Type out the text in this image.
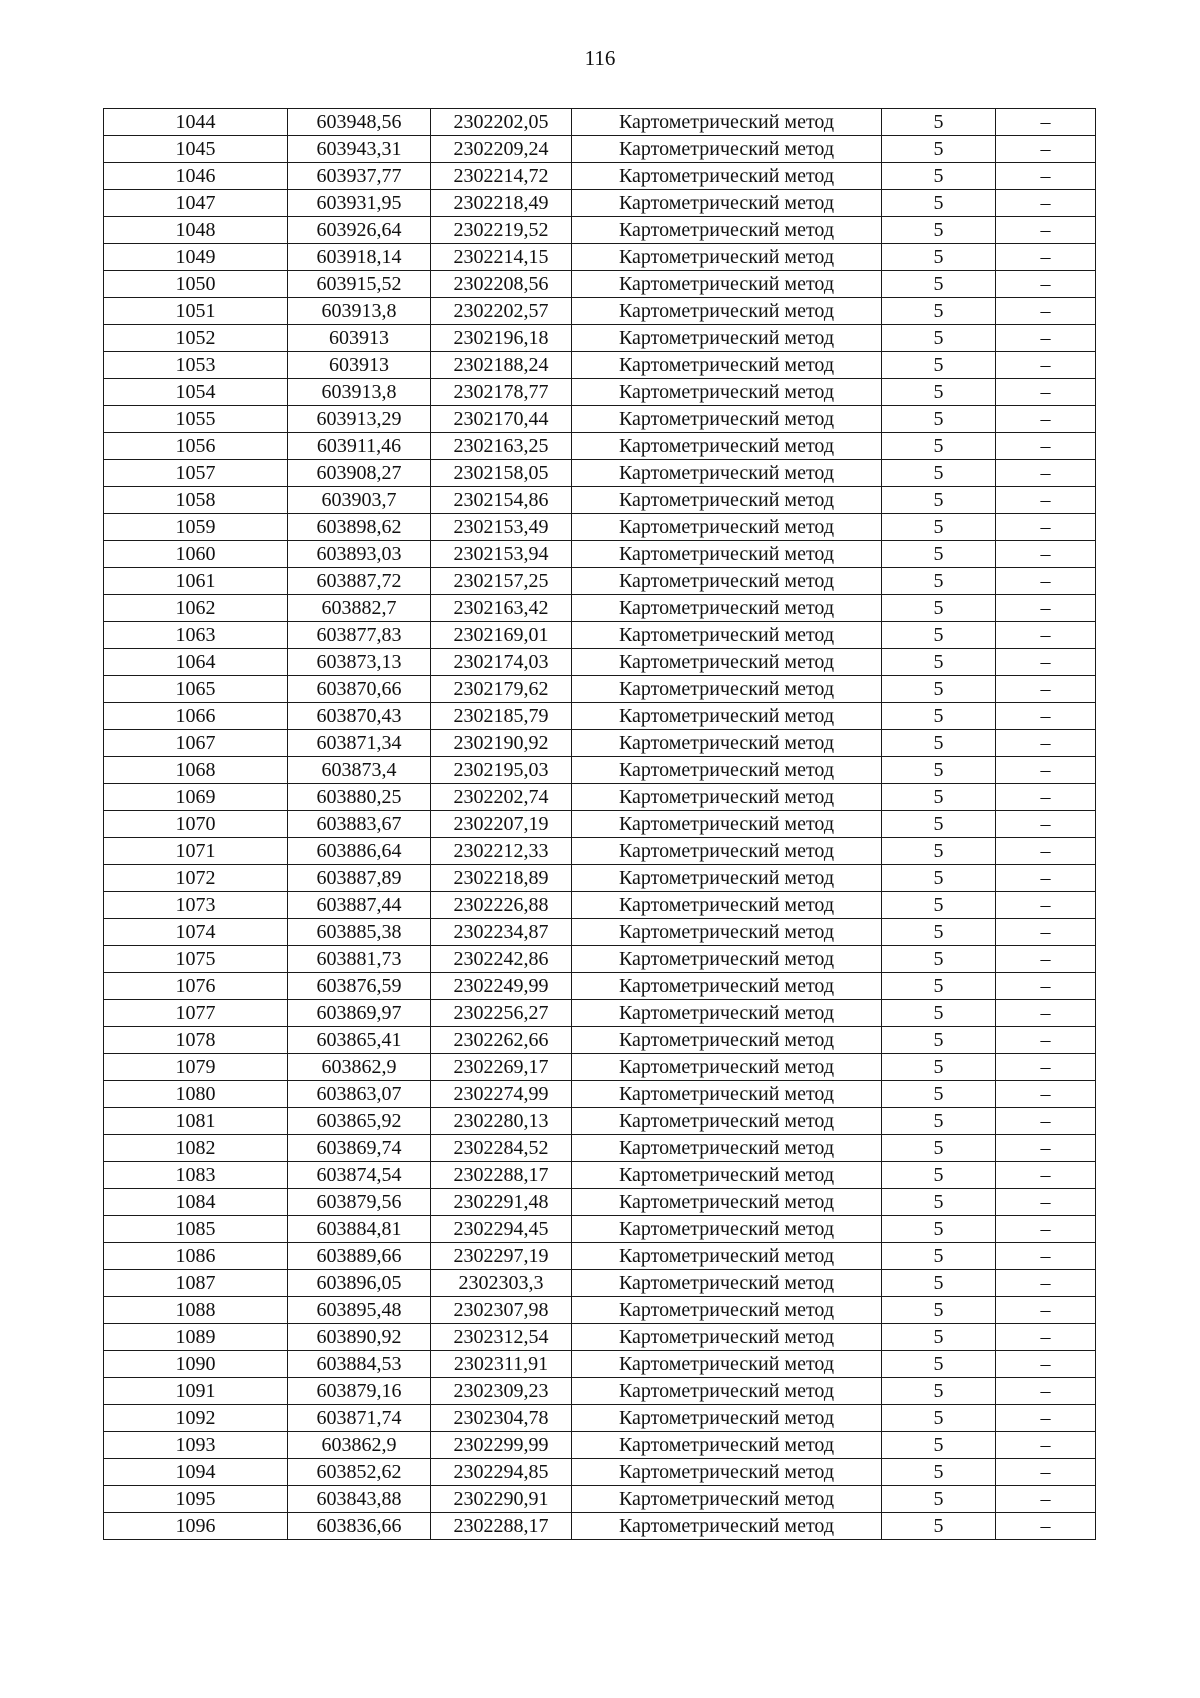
116
1044	603948,56	2302202,05	Картометрический метод	5	–
1045	603943,31	2302209,24	Картометрический метод	5	–
1046	603937,77	2302214,72	Картометрический метод	5	–
1047	603931,95	2302218,49	Картометрический метод	5	–
1048	603926,64	2302219,52	Картометрический метод	5	–
1049	603918,14	2302214,15	Картометрический метод	5	–
1050	603915,52	2302208,56	Картометрический метод	5	–
1051	603913,8	2302202,57	Картометрический метод	5	–
1052	603913	2302196,18	Картометрический метод	5	–
1053	603913	2302188,24	Картометрический метод	5	–
1054	603913,8	2302178,77	Картометрический метод	5	–
1055	603913,29	2302170,44	Картометрический метод	5	–
1056	603911,46	2302163,25	Картометрический метод	5	–
1057	603908,27	2302158,05	Картометрический метод	5	–
1058	603903,7	2302154,86	Картометрический метод	5	–
1059	603898,62	2302153,49	Картометрический метод	5	–
1060	603893,03	2302153,94	Картометрический метод	5	–
1061	603887,72	2302157,25	Картометрический метод	5	–
1062	603882,7	2302163,42	Картометрический метод	5	–
1063	603877,83	2302169,01	Картометрический метод	5	–
1064	603873,13	2302174,03	Картометрический метод	5	–
1065	603870,66	2302179,62	Картометрический метод	5	–
1066	603870,43	2302185,79	Картометрический метод	5	–
1067	603871,34	2302190,92	Картометрический метод	5	–
1068	603873,4	2302195,03	Картометрический метод	5	–
1069	603880,25	2302202,74	Картометрический метод	5	–
1070	603883,67	2302207,19	Картометрический метод	5	–
1071	603886,64	2302212,33	Картометрический метод	5	–
1072	603887,89	2302218,89	Картометрический метод	5	–
1073	603887,44	2302226,88	Картометрический метод	5	–
1074	603885,38	2302234,87	Картометрический метод	5	–
1075	603881,73	2302242,86	Картометрический метод	5	–
1076	603876,59	2302249,99	Картометрический метод	5	–
1077	603869,97	2302256,27	Картометрический метод	5	–
1078	603865,41	2302262,66	Картометрический метод	5	–
1079	603862,9	2302269,17	Картометрический метод	5	–
1080	603863,07	2302274,99	Картометрический метод	5	–
1081	603865,92	2302280,13	Картометрический метод	5	–
1082	603869,74	2302284,52	Картометрический метод	5	–
1083	603874,54	2302288,17	Картометрический метод	5	–
1084	603879,56	2302291,48	Картометрический метод	5	–
1085	603884,81	2302294,45	Картометрический метод	5	–
1086	603889,66	2302297,19	Картометрический метод	5	–
1087	603896,05	2302303,3	Картометрический метод	5	–
1088	603895,48	2302307,98	Картометрический метод	5	–
1089	603890,92	2302312,54	Картометрический метод	5	–
1090	603884,53	2302311,91	Картометрический метод	5	–
1091	603879,16	2302309,23	Картометрический метод	5	–
1092	603871,74	2302304,78	Картометрический метод	5	–
1093	603862,9	2302299,99	Картометрический метод	5	–
1094	603852,62	2302294,85	Картометрический метод	5	–
1095	603843,88	2302290,91	Картометрический метод	5	–
1096	603836,66	2302288,17	Картометрический метод	5	–
